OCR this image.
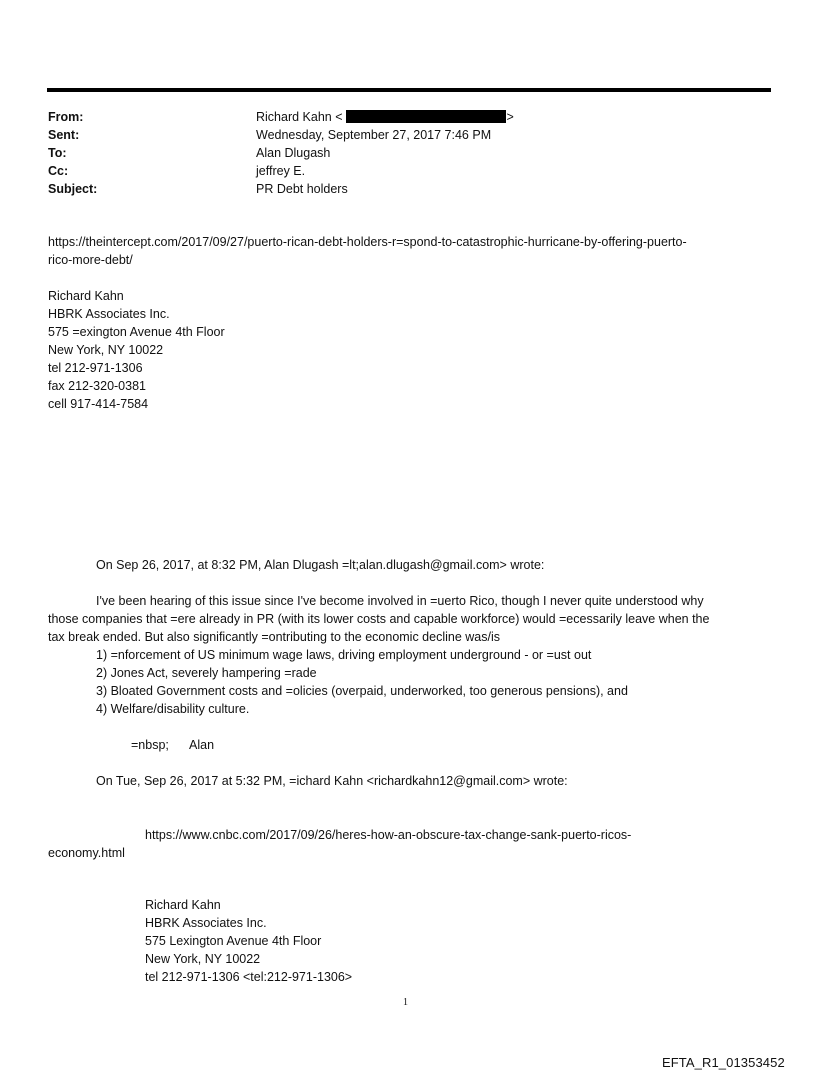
From:	Richard Kahn <	>
Sent:	Wednesday, September 27, 2017 7:46 PM
To:	Alan Dlugash
Cc:	jeffrey E.
Subject:	PR Debt holders
https://theintercept.com/2017/09/27/puerto-rican-debt-holders-r=spond-to-catastrophic-hurricane-by-offering-puerto-
rico-more-debt/
Richard Kahn
HBRK Associates Inc.
575 =exington Avenue 4th Floor
New York, NY 10022
tel 212-971-1306
fax 212-320-0381
cell 917-414-7584
On Sep 26, 2017, at 8:32 PM, Alan Dlugash =lt;alan.dlugash@gmail.com> wrote:
I've been hearing of this issue since I've become involved in =uerto Rico, though I never quite understood why
those companies that =ere already in PR (with its lower costs and capable workforce) would =ecessarily leave when the
tax break ended. But also significantly =ontributing to the economic decline was/is
1) =nforcement of US minimum wage laws, driving employment underground - or =ust out
2) Jones Act, severely hampering =rade
3) Bloated Government costs and =olicies (overpaid, underworked, too generous pensions), and
4) Welfare/disability culture.
=nbsp; Alan
On Tue, Sep 26, 2017 at 5:32 PM, =ichard Kahn <richardkahn12@gmail.com> wrote:
https://www.cnbc.com/2017/09/26/heres-how-an-obscure-tax-change-sank-puerto-ricos-
economy.html
Richard Kahn
HBRK Associates Inc.
575 Lexington Avenue 4th Floor
New York, NY 10022
tel 212-971-1306 <tel:212-971-1306>
1
EFTA_R1_01353452
